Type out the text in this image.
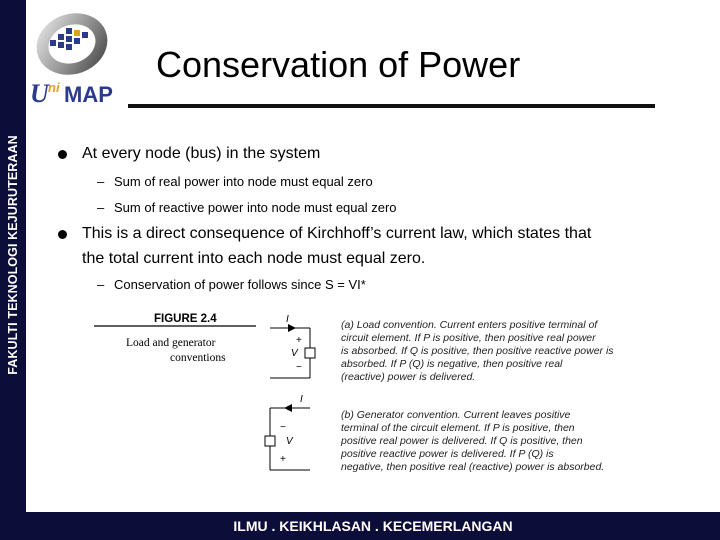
FAKULTI TEKNOLOGI KEJURUTERAAN
U ni MAP
Conservation of Power
At every node (bus) in the system
– Sum of real power into node must equal zero
– Sum of reactive power into node must equal zero
This is a direct consequence of Kirchhoff’s current law, which states that
the total current into each node must equal zero.
– Conservation of power follows since S = VI*
FIGURE 2.4
Load and generator
conventions
I
+
V
−
I
−
V
+
(a) Load convention. Current enters positive terminal of
circuit element. If P is positive, then positive real power
is absorbed. If Q is positive, then positive reactive power is
absorbed. If P (Q) is negative, then positive real
(reactive) power is delivered.
(b) Generator convention. Current leaves positive
terminal of the circuit element. If P is positive, then
positive real power is delivered. If Q is positive, then
positive reactive power is delivered. If P (Q) is
negative, then positive real (reactive) power is absorbed.
ILMU . KEIKHLASAN . KECEMERLANGAN
